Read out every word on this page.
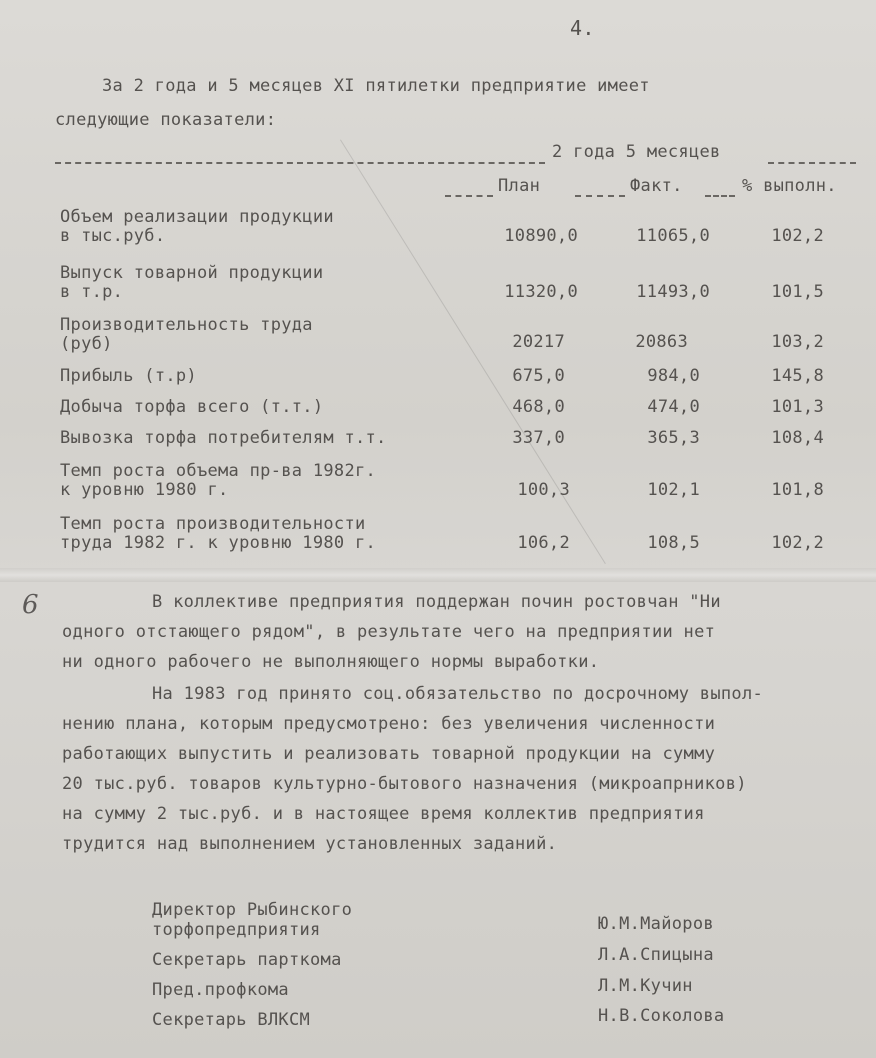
4.
За 2 года и 5 месяцев XI пятилетки предприятие имеет
следующие показатели:
2 года 5 месяцев
План	Факт.	% выполн.
Объем реализации продукции
в тыс.руб.	10890,0	11065,0	102,2
Выпуск товарной продукции
в т.р.	11320,0	11493,0	101,5
Производительность труда
(руб)	20217	20863	103,2
Прибыль (т.р)	675,0	984,0	145,8
Добыча торфа всего (т.т.)	468,0	474,0	101,3
Вывозка торфа потребителям т.т.	337,0	365,3	108,4
Темп роста объема пр-ва 1982г.
к уровню 1980 г.	100,3	102,1	101,8
Темп роста производительности
труда 1982 г. к уровню 1980 г.	106,2	108,5	102,2
6	В коллективе предприятия поддержан почин ростовчан "Ни
одного отстающего рядом", в результате чего на предприятии нет
ни одного рабочего не выполняющего нормы выработки.
На 1983 год принято соц.обязательство по досрочному выпол-
нению плана, которым предусмотрено: без увеличения численности
работающих выпустить и реализовать товарной продукции на сумму
20 тыс.руб. товаров культурно-бытового назначения (микроапрников)
на сумму 2 тыс.руб. и в настоящее время коллектив предприятия
трудится над выполнением установленных заданий.
Директор Рыбинского
торфопредприятия	Ю.М.Майоров
Секретарь парткома	Л.А.Спицына
Пред.профкома	Л.М.Кучин
Секретарь ВЛКСМ	Н.В.Соколова
